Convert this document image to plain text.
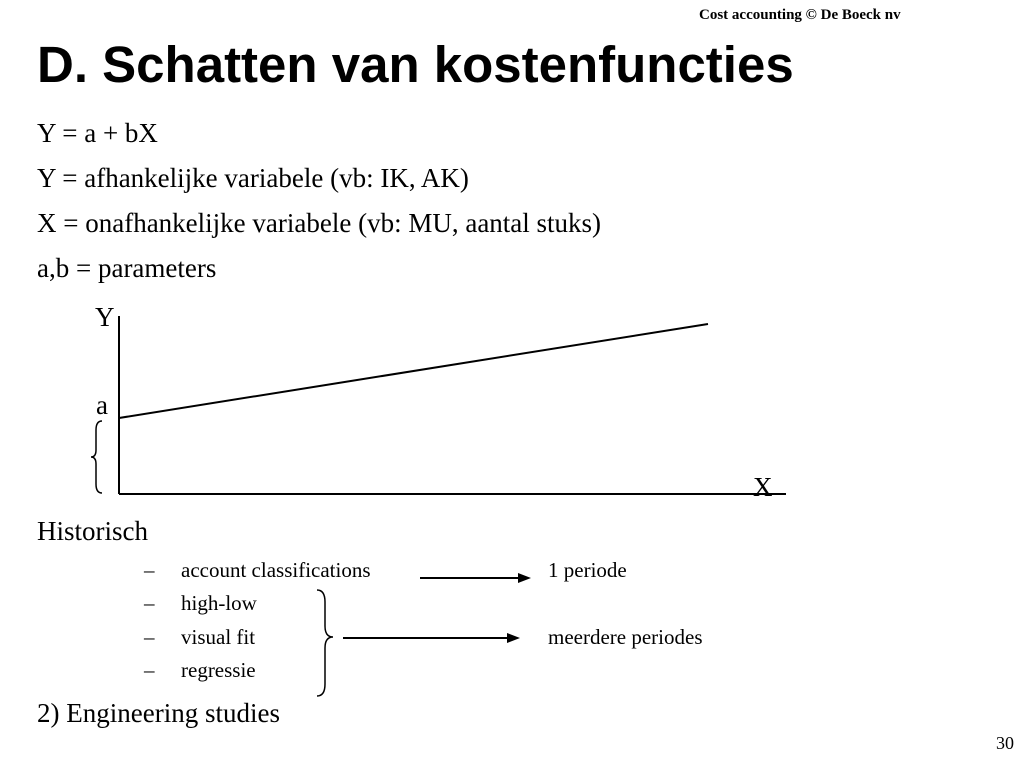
Cost accounting © De Boeck nv
D. Schatten van kostenfuncties
Y = a + bX
Y = afhankelijke variabele (vb: IK, AK)
X = onafhankelijke variabele (vb: MU, aantal stuks)
a,b = parameters
Y
a
X
Historisch
– account classifications
– high-low
– visual fit
– regressie
1 periode
meerdere periodes
2) Engineering studies
30
